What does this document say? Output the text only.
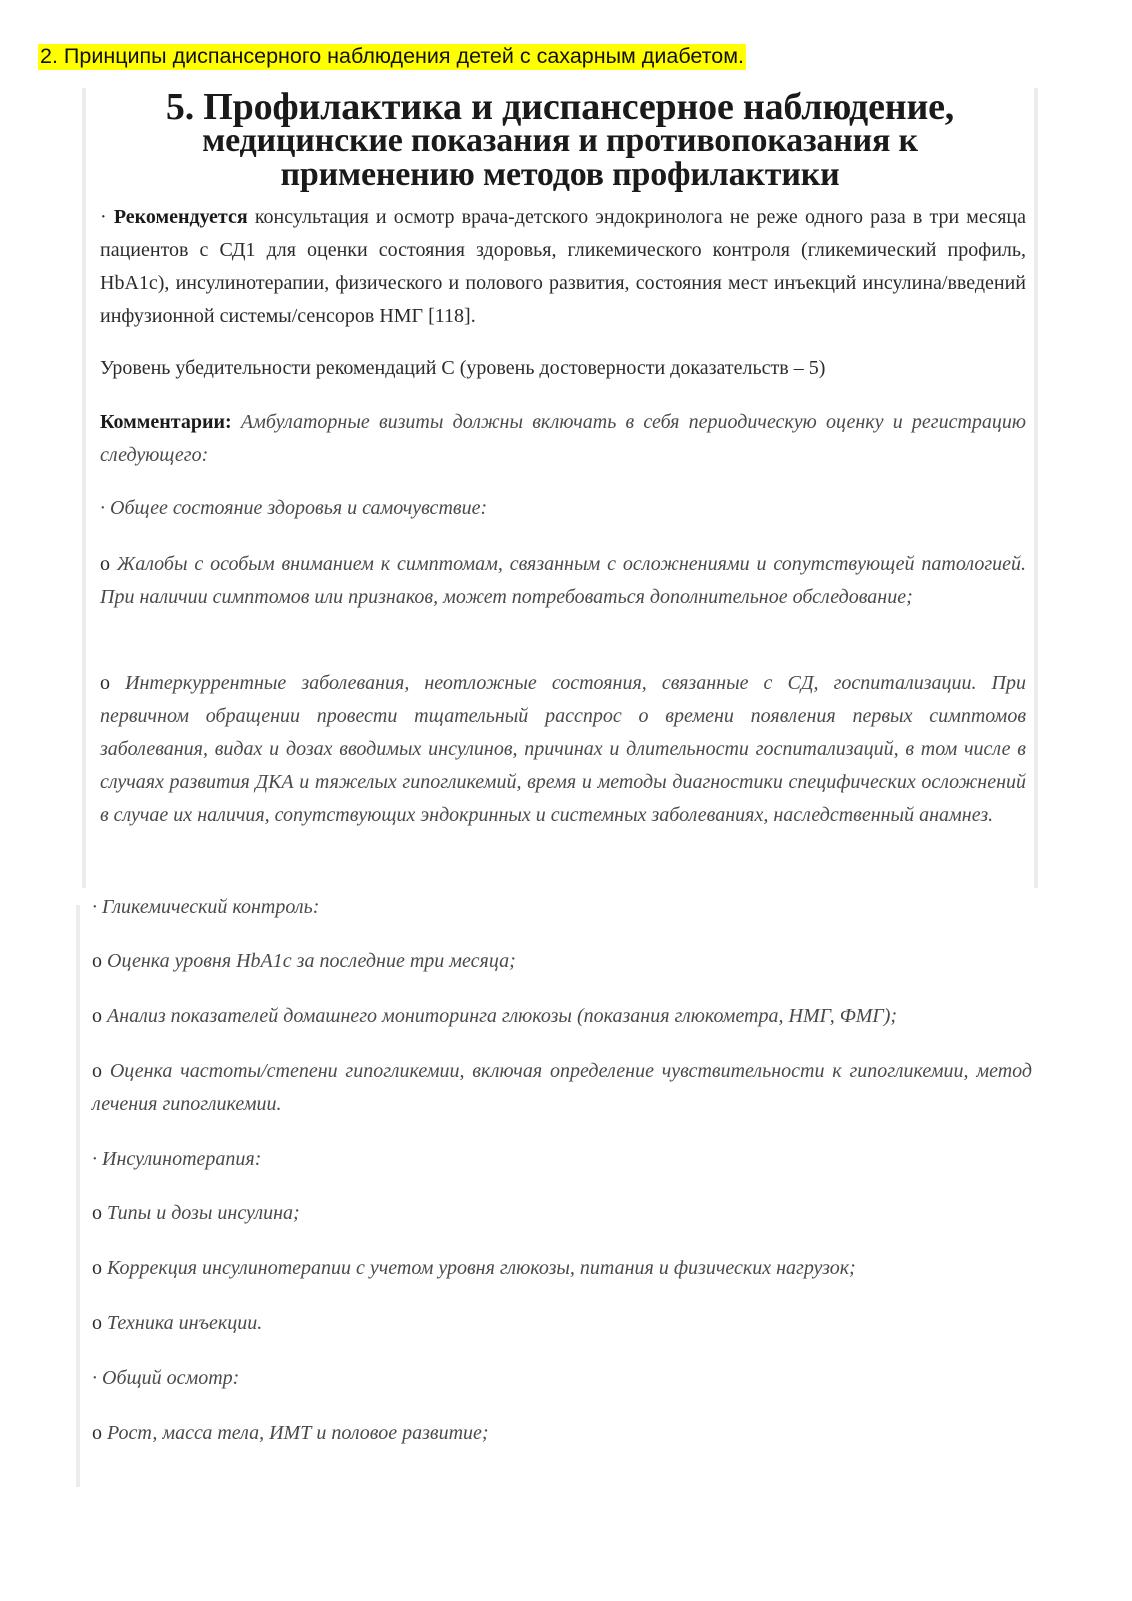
2. Принципы диспансерного наблюдения детей с сахарным диабетом.
5. Профилактика и диспансерное наблюдение,
медицинские показания и противопоказания к
применению методов профилактики
· Рекомендуется консультация и осмотр врача-детского эндокринолога не реже одного раза в три месяца пациентов с СД1 для оценки состояния здоровья, гликемического контроля (гликемический профиль, HbA1c), инсулинотерапии, физического и полового развития, состояния мест инъекций инсулина/введений инфузионной системы/сенсоров НМГ [118].
Уровень убедительности рекомендаций С (уровень достоверности доказательств – 5)
Комментарии: Амбулаторные визиты должны включать в себя периодическую оценку и регистрацию следующего:
· Общее состояние здоровья и самочувствие:
o Жалобы с особым вниманием к симптомам, связанным с осложнениями и сопутствующей патологией. При наличии симптомов или признаков, может потребоваться дополнительное обследование;
o Интеркуррентные заболевания, неотложные состояния, связанные с СД, госпитализации. При первичном обращении провести тщательный расспрос о времени появления первых симптомов заболевания, видах и дозах вводимых инсулинов, причинах и длительности госпитализаций, в том числе в случаях развития ДКА и тяжелых гипогликемий, время и методы диагностики специфических осложнений в случае их наличия, сопутствующих эндокринных и системных заболеваниях, наследственный анамнез.
· Гликемический контроль:
o Оценка уровня HbA1c за последние три месяца;
o Анализ показателей домашнего мониторинга глюкозы (показания глюкометра, НМГ, ФМГ);
o Оценка частоты/степени гипогликемии, включая определение чувствительности к гипогликемии, метод лечения гипогликемии.
· Инсулинотерапия:
o Типы и дозы инсулина;
o Коррекция инсулинотерапии с учетом уровня глюкозы, питания и физических нагрузок;
o Техника инъекции.
· Общий осмотр:
o Рост, масса тела, ИМТ и половое развитие;
